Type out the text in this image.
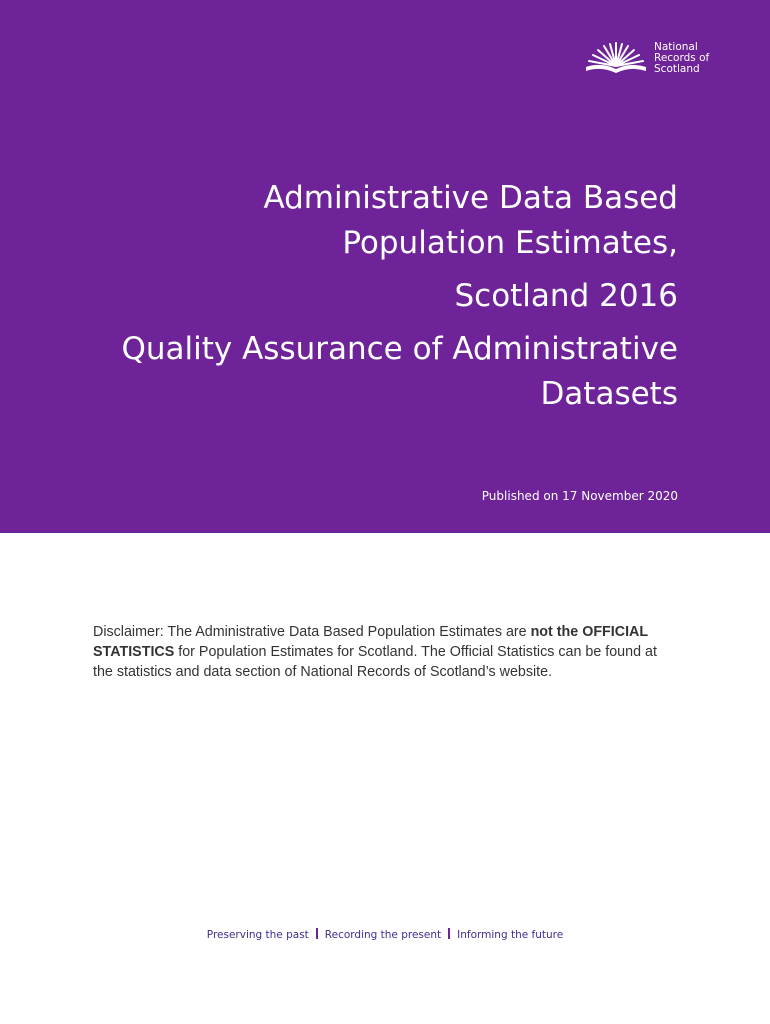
National
Records of
Scotland
Administrative Data Based
Population Estimates,
Scotland 2016
Quality Assurance of Administrative
Datasets
Published on 17 November 2020

Disclaimer: The Administrative Data Based Population Estimates are not the OFFICIAL STATISTICS for Population Estimates for Scotland. The Official Statistics can be found at the statistics and data section of National Records of Scotland’s website.

Preserving the past Recording the present Informing the future
